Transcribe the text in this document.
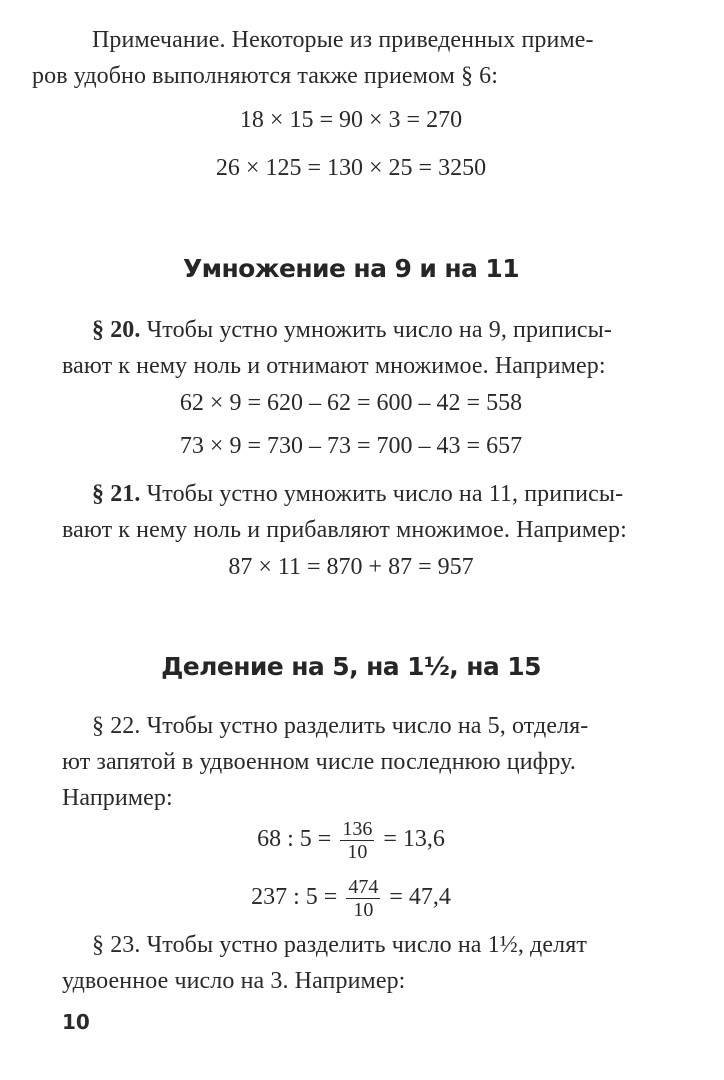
Примечание. Некоторые из приведенных приме-
ров удобно выполняются также приемом § 6:
18 × 15 = 90 × 3 = 270
26 × 125 = 130 × 25 = 3250
Умножение на 9 и на 11
§ 20. Чтобы устно умножить число на 9, приписы-
вают к нему ноль и отнимают множимое. Например:
62 × 9 = 620 – 62 = 600 – 42 = 558
73 × 9 = 730 – 73 = 700 – 43 = 657
§ 21. Чтобы устно умножить число на 11, приписы-
вают к нему ноль и прибавляют множимое. Например:
87 × 11 = 870 + 87 = 957
Деление на 5, на 1½, на 15
§ 22. Чтобы устно разделить число на 5, отделя-
ют запятой в удвоенном числе последнюю цифру.
Например:
68 : $5 = \frac{136}{10} = 13,6$
237 : $5 = \frac{474}{10} = 47,4$
§ 23. Чтобы устно разделить число на 1½, делят
удвоенное число на 3. Например:
10
